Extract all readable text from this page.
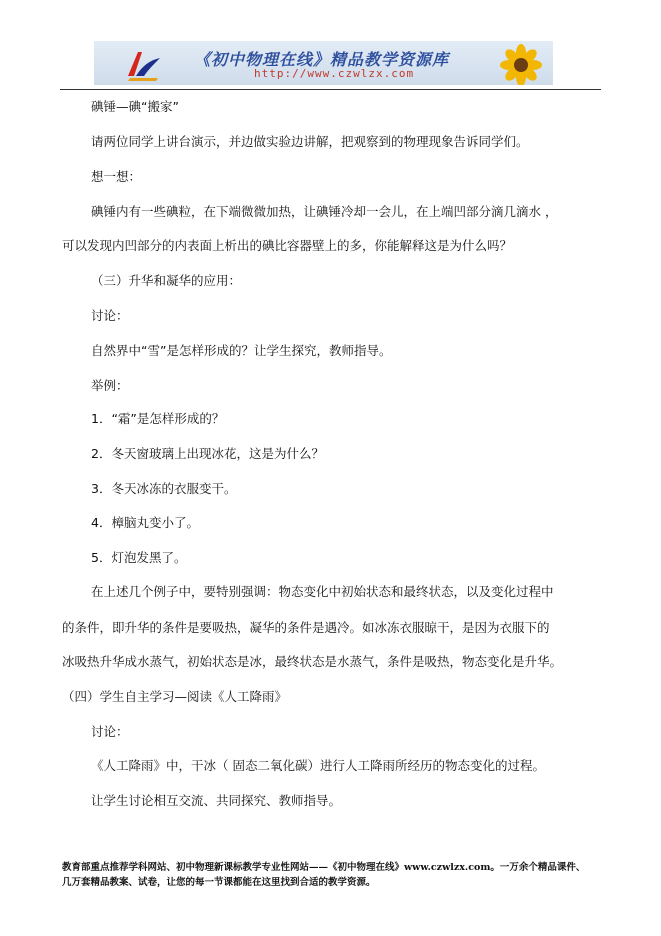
《初中物理在线》精品教学资源库
http://www.czwlzx.com
碘锤—碘“搬家”
请两位同学上讲台演示，并边做实验边讲解，把观察到的物理现象告诉同学们。
想一想：
碘锤内有一些碘粒，在下端微微加热，让碘锤冷却一会儿，在上端凹部分滴几滴水 ，
可以发现内凹部分的内表面上析出的碘比容器壁上的多，你能解释这是为什么吗？
（三）升华和凝华的应用：
讨论：
自然界中“雪”是怎样形成的？让学生探究，教师指导。
举例：
1．“霜”是怎样形成的？
2．冬天窗玻璃上出现冰花，这是为什么？
3．冬天冰冻的衣服变干。
4．樟脑丸变小了。
5．灯泡发黑了。
在上述几个例子中，要特别强调：物态变化中初始状态和最终状态，以及变化过程中
的条件，即升华的条件是要吸热，凝华的条件是遇冷。如冰冻衣服晾干，是因为衣服下的
冰吸热升华成水蒸气，初始状态是冰，最终状态是水蒸气，条件是吸热，物态变化是升华。
（四）学生自主学习—阅读《人工降雨》
讨论：
《人工降雨》中，干冰（ 固态二氧化碳）进行人工降雨所经历的物态变化的过程。
让学生讨论相互交流、共同探究、教师指导。
教育部重点推荐学科网站、初中物理新课标教学专业性网站——《初中物理在线》www.czwlzx.com。一万余个精品课件、
几万套精品教案、试卷，让您的每一节课都能在这里找到合适的教学资源。
